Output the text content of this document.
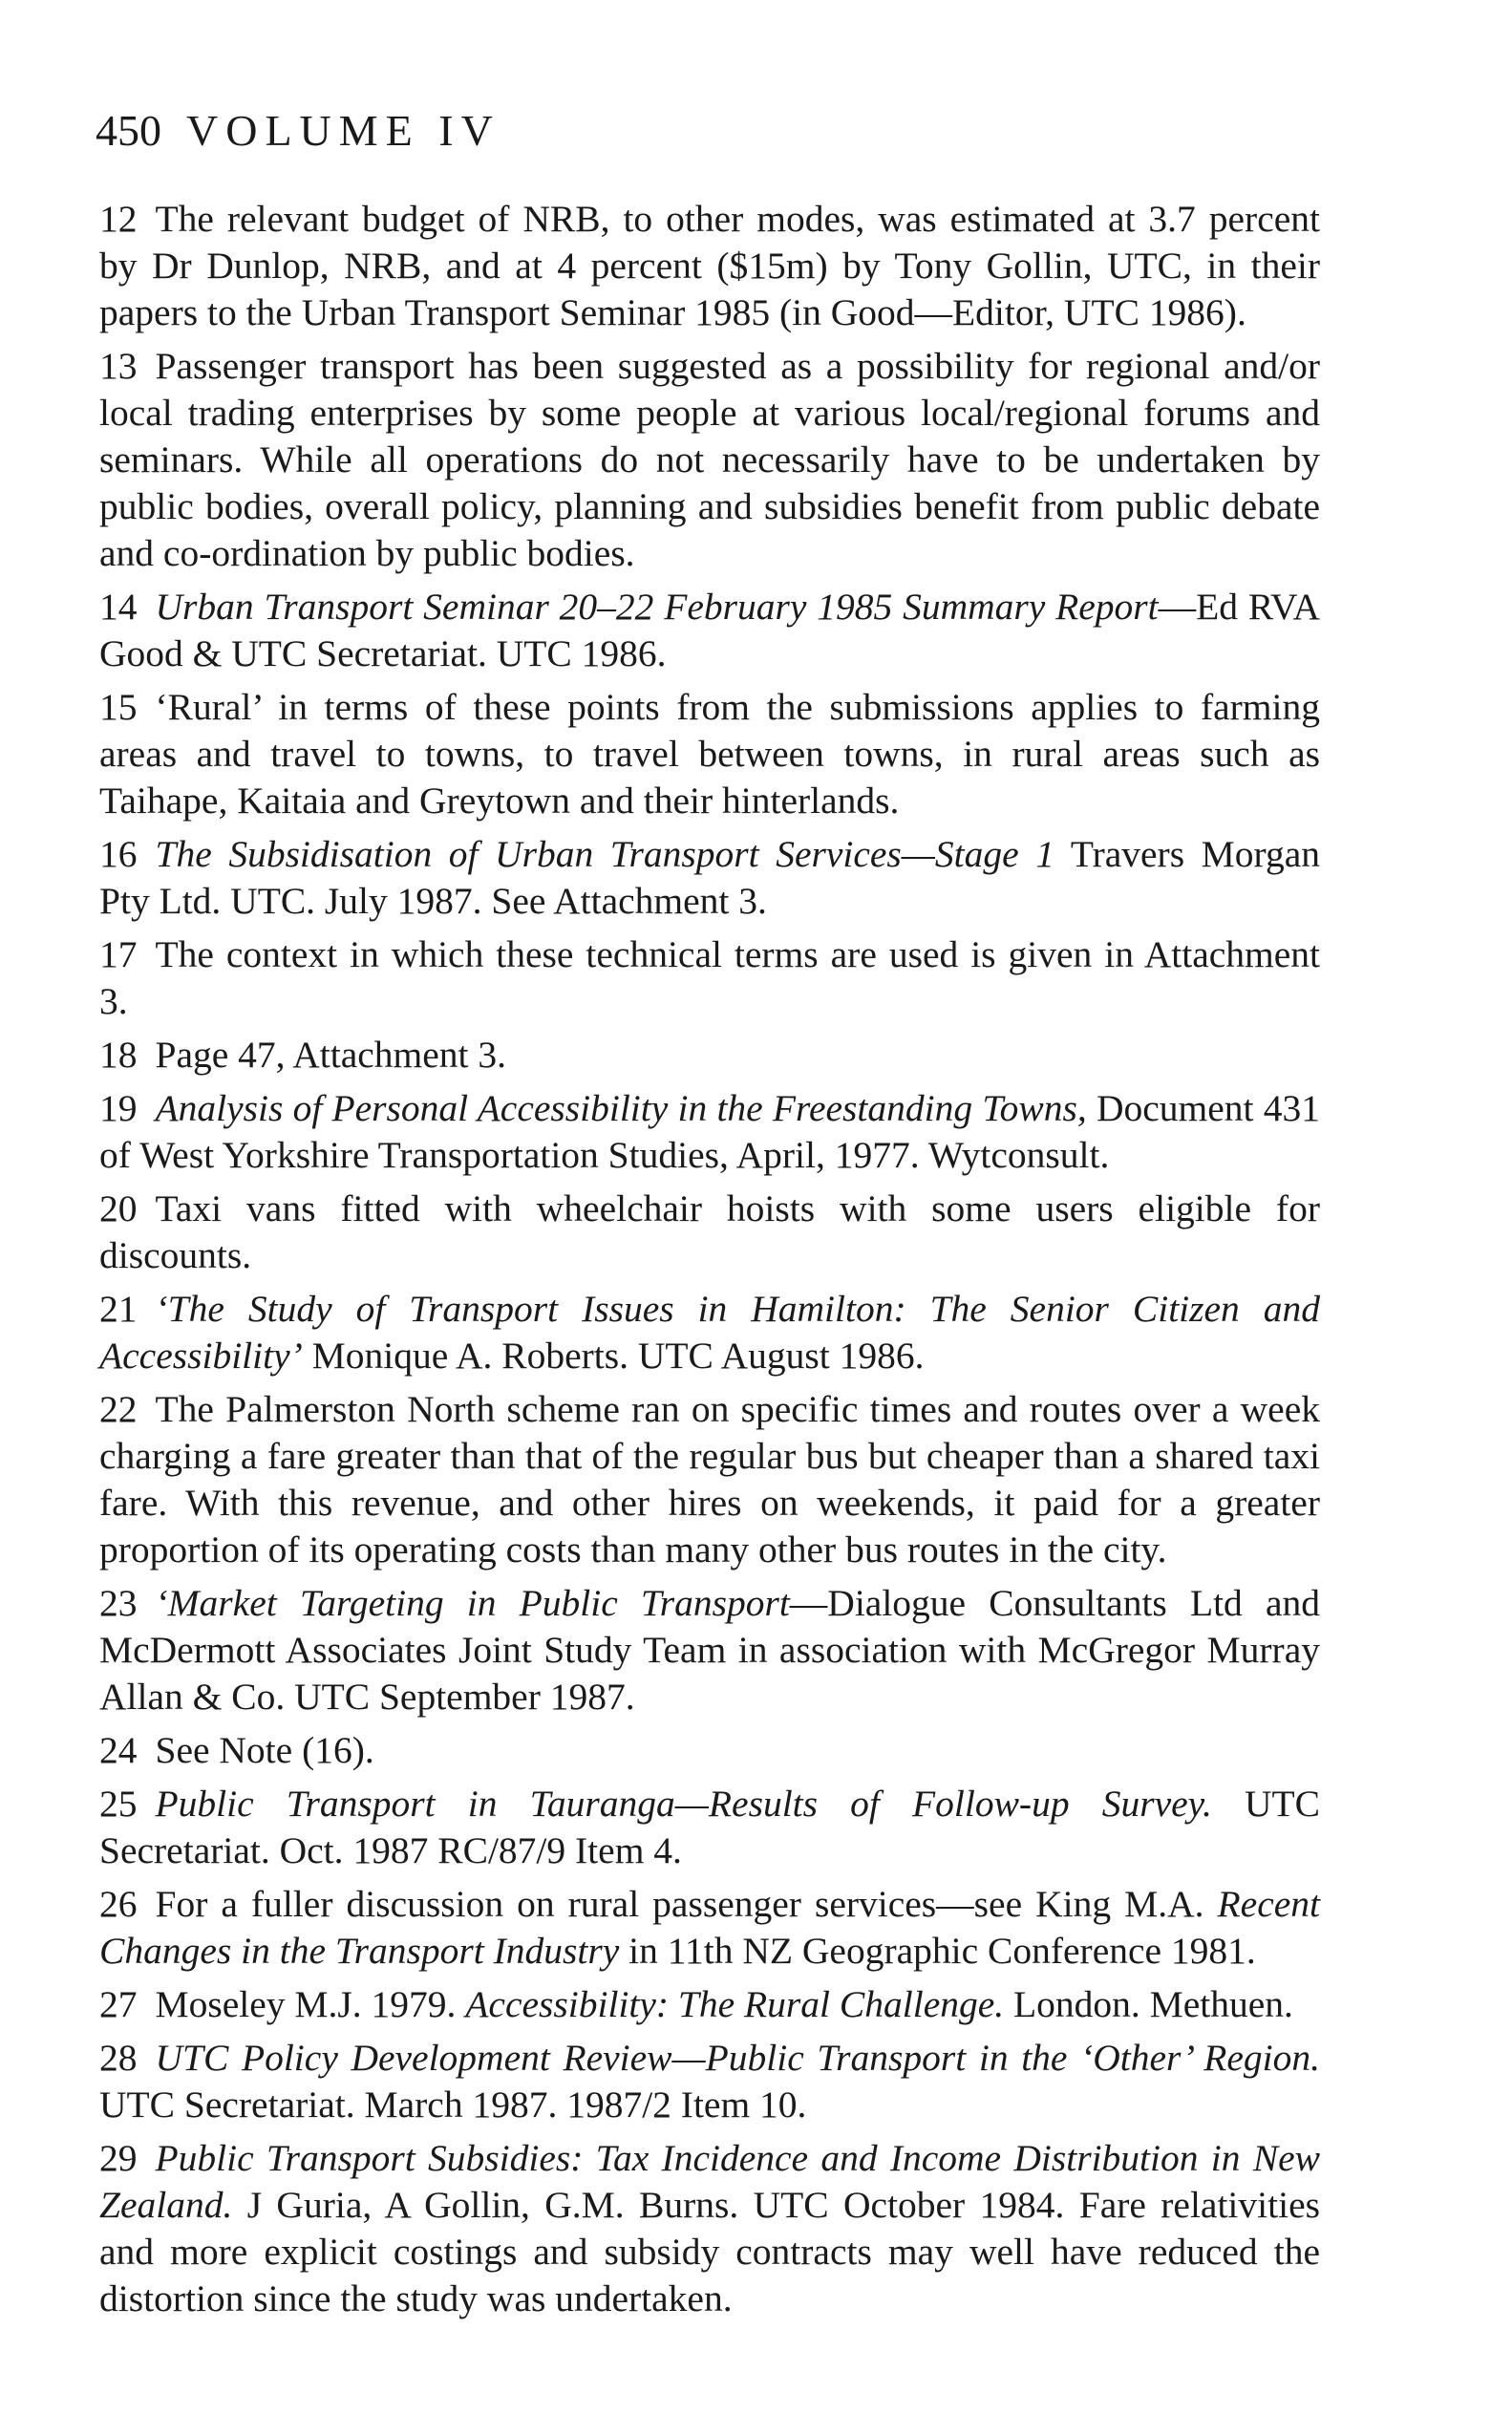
450 VOLUME IV

12 The relevant budget of NRB, to other modes, was estimated at 3.7 percent by Dr Dunlop, NRB, and at 4 percent ($15m) by Tony Gollin, UTC, in their papers to the Urban Transport Seminar 1985 (in Good—Editor, UTC 1986).

13 Passenger transport has been suggested as a possibility for regional and/or local trading enterprises by some people at various local/regional forums and seminars. While all operations do not necessarily have to be undertaken by public bodies, overall policy, planning and subsidies benefit from public debate and co-ordination by public bodies.

14 Urban Transport Seminar 20–22 February 1985 Summary Report—Ed RVA Good & UTC Secretariat. UTC 1986.

15 ‘Rural’ in terms of these points from the submissions applies to farming areas and travel to towns, to travel between towns, in rural areas such as Taihape, Kaitaia and Greytown and their hinterlands.

16 The Subsidisation of Urban Transport Services—Stage 1 Travers Morgan Pty Ltd. UTC. July 1987. See Attachment 3.

17 The context in which these technical terms are used is given in Attachment 3.

18 Page 47, Attachment 3.

19 Analysis of Personal Accessibility in the Freestanding Towns, Document 431 of West Yorkshire Transportation Studies, April, 1977. Wytconsult.

20 Taxi vans fitted with wheelchair hoists with some users eligible for discounts.

21 ‘The Study of Transport Issues in Hamilton: The Senior Citizen and Accessibility’ Monique A. Roberts. UTC August 1986.

22 The Palmerston North scheme ran on specific times and routes over a week charging a fare greater than that of the regular bus but cheaper than a shared taxi fare. With this revenue, and other hires on weekends, it paid for a greater proportion of its operating costs than many other bus routes in the city.

23 ‘Market Targeting in Public Transport—Dialogue Consultants Ltd and McDermott Associates Joint Study Team in association with McGregor Murray Allan & Co. UTC September 1987.

24 See Note (16).

25 Public Transport in Tauranga—Results of Follow-up Survey. UTC Secretariat. Oct. 1987 RC/87/9 Item 4.

26 For a fuller discussion on rural passenger services—see King M.A. Recent Changes in the Transport Industry in 11th NZ Geographic Conference 1981.

27 Moseley M.J. 1979. Accessibility: The Rural Challenge. London. Methuen.

28 UTC Policy Development Review—Public Transport in the ‘Other’ Region. UTC Secretariat. March 1987. 1987/2 Item 10.

29 Public Transport Subsidies: Tax Incidence and Income Distribution in New Zealand. J Guria, A Gollin, G.M. Burns. UTC October 1984. Fare relativities and more explicit costings and subsidy contracts may well have reduced the distortion since the study was undertaken.
